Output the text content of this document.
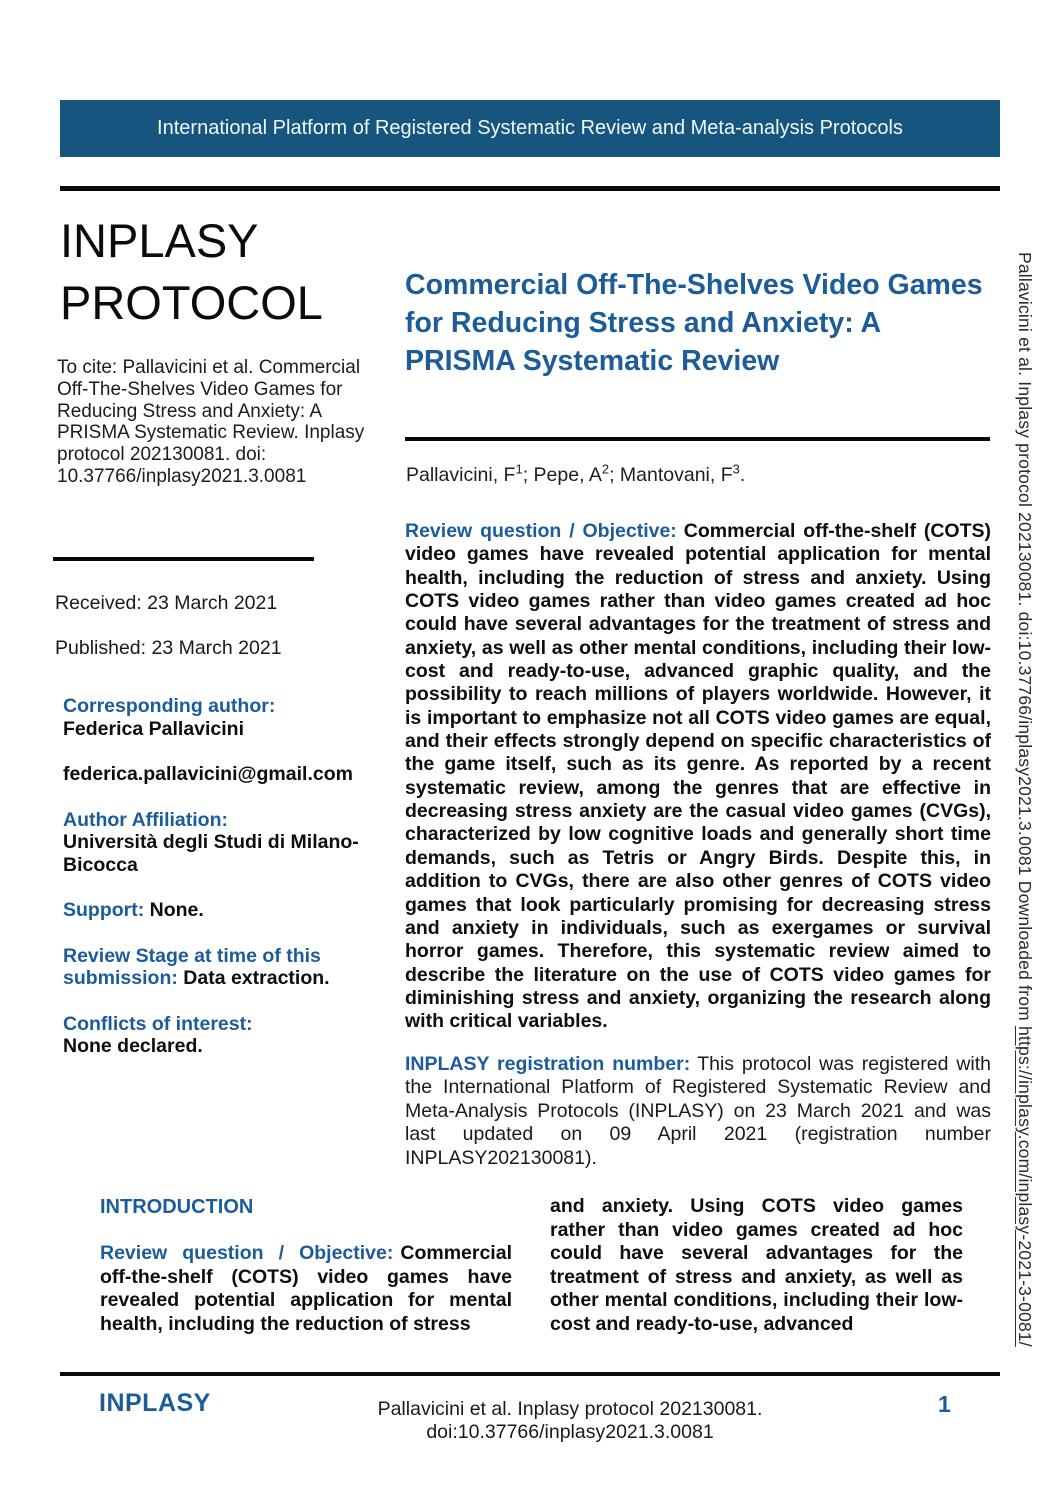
International Platform of Registered Systematic Review and Meta-analysis Protocols
INPLASY
PROTOCOL
To cite: Pallavicini et al. Commercial Off-The-Shelves Video Games for Reducing Stress and Anxiety: A PRISMA Systematic Review. Inplasy protocol 202130081. doi: 10.37766/inplasy2021.3.0081
Received: 23 March 2021
Published: 23 March 2021
Corresponding author:
Federica Pallavicini
federica.pallavicini@gmail.com
Author Affiliation:
Università degli Studi di Milano-Bicocca
Support: None.
Review Stage at time of this submission: Data extraction.
Conflicts of interest:
None declared.
Commercial Off-The-Shelves Video Games for Reducing Stress and Anxiety: A PRISMA Systematic Review
Pallavicini, $F^1$; Pepe, $A^2$; Mantovani, $F^3$.

Review question / Objective: Commercial off-the-shelf (COTS) video games have revealed potential application for mental health, including the reduction of stress and anxiety. Using COTS video games rather than video games created ad hoc could have several advantages for the treatment of stress and anxiety, as well as other mental conditions, including their low-cost and ready-to-use, advanced graphic quality, and the possibility to reach millions of players worldwide. However, it is important to emphasize not all COTS video games are equal, and their effects strongly depend on specific characteristics of the game itself, such as its genre. As reported by a recent systematic review, among the genres that are effective in decreasing stress anxiety are the casual video games (CVGs), characterized by low cognitive loads and generally short time demands, such as Tetris or Angry Birds. Despite this, in addition to CVGs, there are also other genres of COTS video games that look particularly promising for decreasing stress and anxiety in individuals, such as exergames or survival horror games. Therefore, this systematic review aimed to describe the literature on the use of COTS video games for diminishing stress and anxiety, organizing the research along with critical variables.

INPLASY registration number: This protocol was registered with the International Platform of Registered Systematic Review and Meta-Analysis Protocols (INPLASY) on 23 March 2021 and was last updated on 09 April 2021 (registration number INPLASY202130081).

INTRODUCTION

Review question / Objective: Commercial off-the-shelf (COTS) video games have revealed potential application for mental health, including the reduction of stress

and anxiety. Using COTS video games rather than video games created ad hoc could have several advantages for the treatment of stress and anxiety, as well as other mental conditions, including their low-cost and ready-to-use, advanced

INPLASY	Pallavicini et al. Inplasy protocol 202130081. doi:10.37766/inplasy2021.3.0081
1
Pallavicini et al. Inplasy protocol 202130081. doi:10.37766/inplasy2021.3.0081 Downloaded from https://inplasy.com/inplasy-2021-3-0081/
